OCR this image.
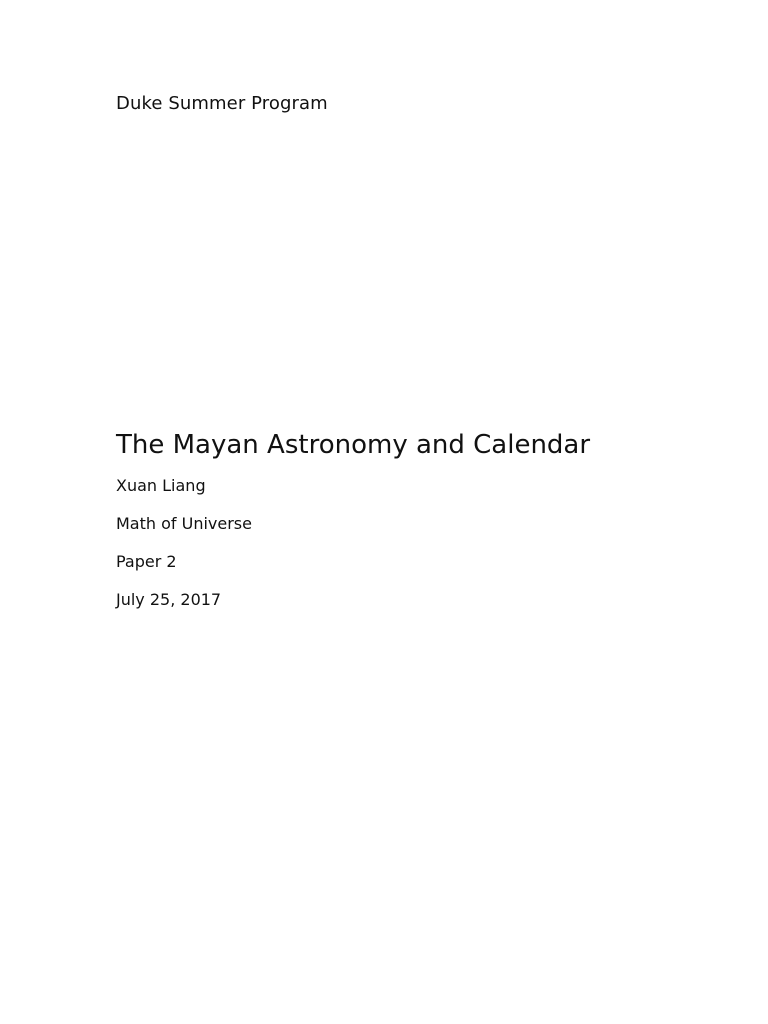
Duke Summer Program
The Mayan Astronomy and Calendar
Xuan Liang
Math of Universe
Paper 2
July 25, 2017
